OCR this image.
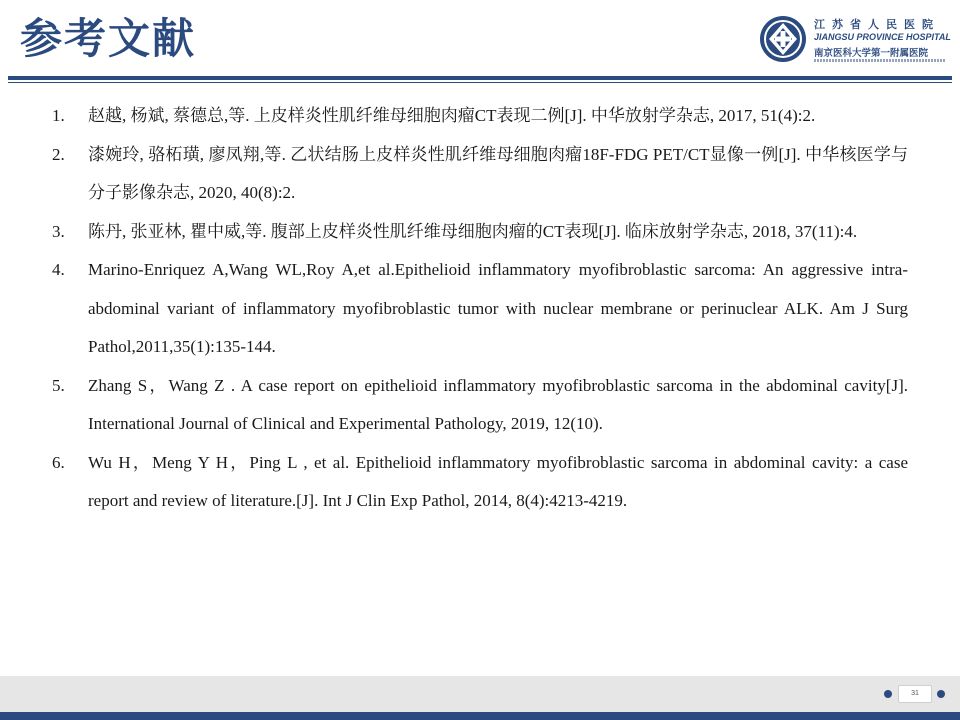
参考文献	江苏省人民医院
JIANGSU PROVINCE HOSPITAL
南京医科大学第一附属医院
1. 赵越, 杨斌, 蔡德总,等. 上皮样炎性肌纤维母细胞肉瘤CT表现二例[J]. 中华放射学杂志, 2017, 51(4):2.
2. 漆婉玲, 骆柘璜, 廖凤翔,等. 乙状结肠上皮样炎性肌纤维母细胞肉瘤18F-FDG PET/CT显像一例[J]. 中华核医学与分子影像杂志, 2020, 40(8):2.
3. 陈丹, 张亚林, 瞿中威,等. 腹部上皮样炎性肌纤维母细胞肉瘤的CT表现[J]. 临床放射学杂志, 2018, 37(11):4.
4. Marino-Enriquez A,Wang WL,Roy A,et al.Epithelioid inflammatory myofibroblastic sarcoma: An aggressive intra-abdominal variant of inflammatory myofibroblastic tumor with nuclear membrane or perinuclear ALK. Am J Surg Pathol,2011,35(1):135-144.
5. Zhang S，Wang Z . A case report on epithelioid inflammatory myofibroblastic sarcoma in the abdominal cavity[J]. International Journal of Clinical and Experimental Pathology, 2019, 12(10).
6. Wu H，Meng Y H，Ping L , et al. Epithelioid inflammatory myofibroblastic sarcoma in abdominal cavity: a case report and review of literature.[J]. Int J Clin Exp Pathol, 2014, 8(4):4213-4219.
31
